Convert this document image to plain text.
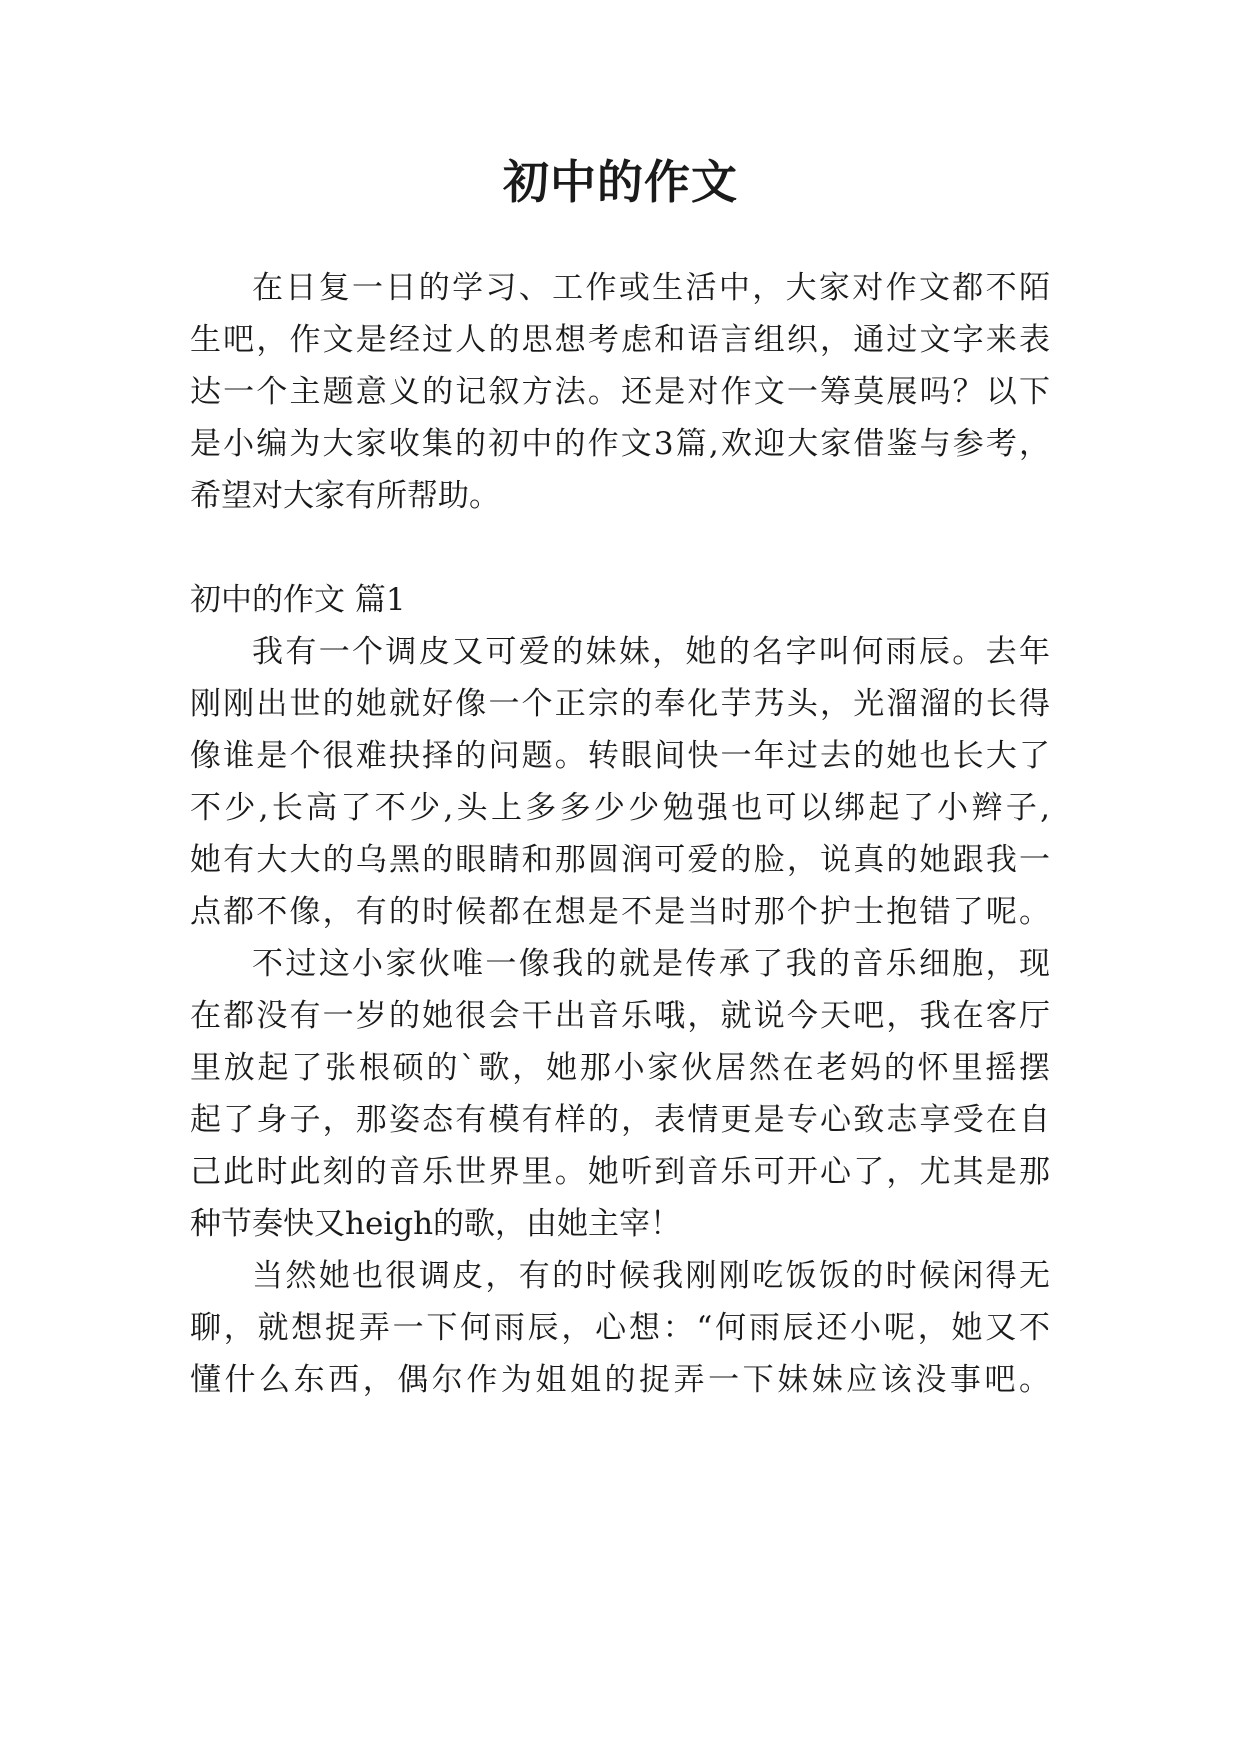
初中的作文
在日复一日的学习、工作或生活中，大家对作文都不陌
生吧，作文是经过人的思想考虑和语言组织，通过文字来表
达一个主题意义的记叙方法。还是对作文一筹莫展吗？以下
是小编为大家收集的初中的作文3篇,欢迎大家借鉴与参考，
希望对大家有所帮助。
初中的作文 篇1
我有一个调皮又可爱的妹妹，她的名字叫何雨辰。去年
刚刚出世的她就好像一个正宗的奉化芋艿头，光溜溜的长得
像谁是个很难抉择的问题。转眼间快一年过去的她也长大了
不少,长高了不少,头上多多少少勉强也可以绑起了小辫子,
她有大大的乌黑的眼睛和那圆润可爱的脸，说真的她跟我一
点都不像，有的时候都在想是不是当时那个护士抱错了呢。
不过这小家伙唯一像我的就是传承了我的音乐细胞，现
在都没有一岁的她很会干出音乐哦，就说今天吧，我在客厅
里放起了张根硕的`歌，她那小家伙居然在老妈的怀里摇摆
起了身子，那姿态有模有样的，表情更是专心致志享受在自
己此时此刻的音乐世界里。她听到音乐可开心了，尤其是那
种节奏快又heigh的歌，由她主宰！
当然她也很调皮，有的时候我刚刚吃饭饭的时候闲得无
聊，就想捉弄一下何雨辰，心想：“何雨辰还小呢，她又不
懂什么东西，偶尔作为姐姐的捉弄一下妹妹应该没事吧。
